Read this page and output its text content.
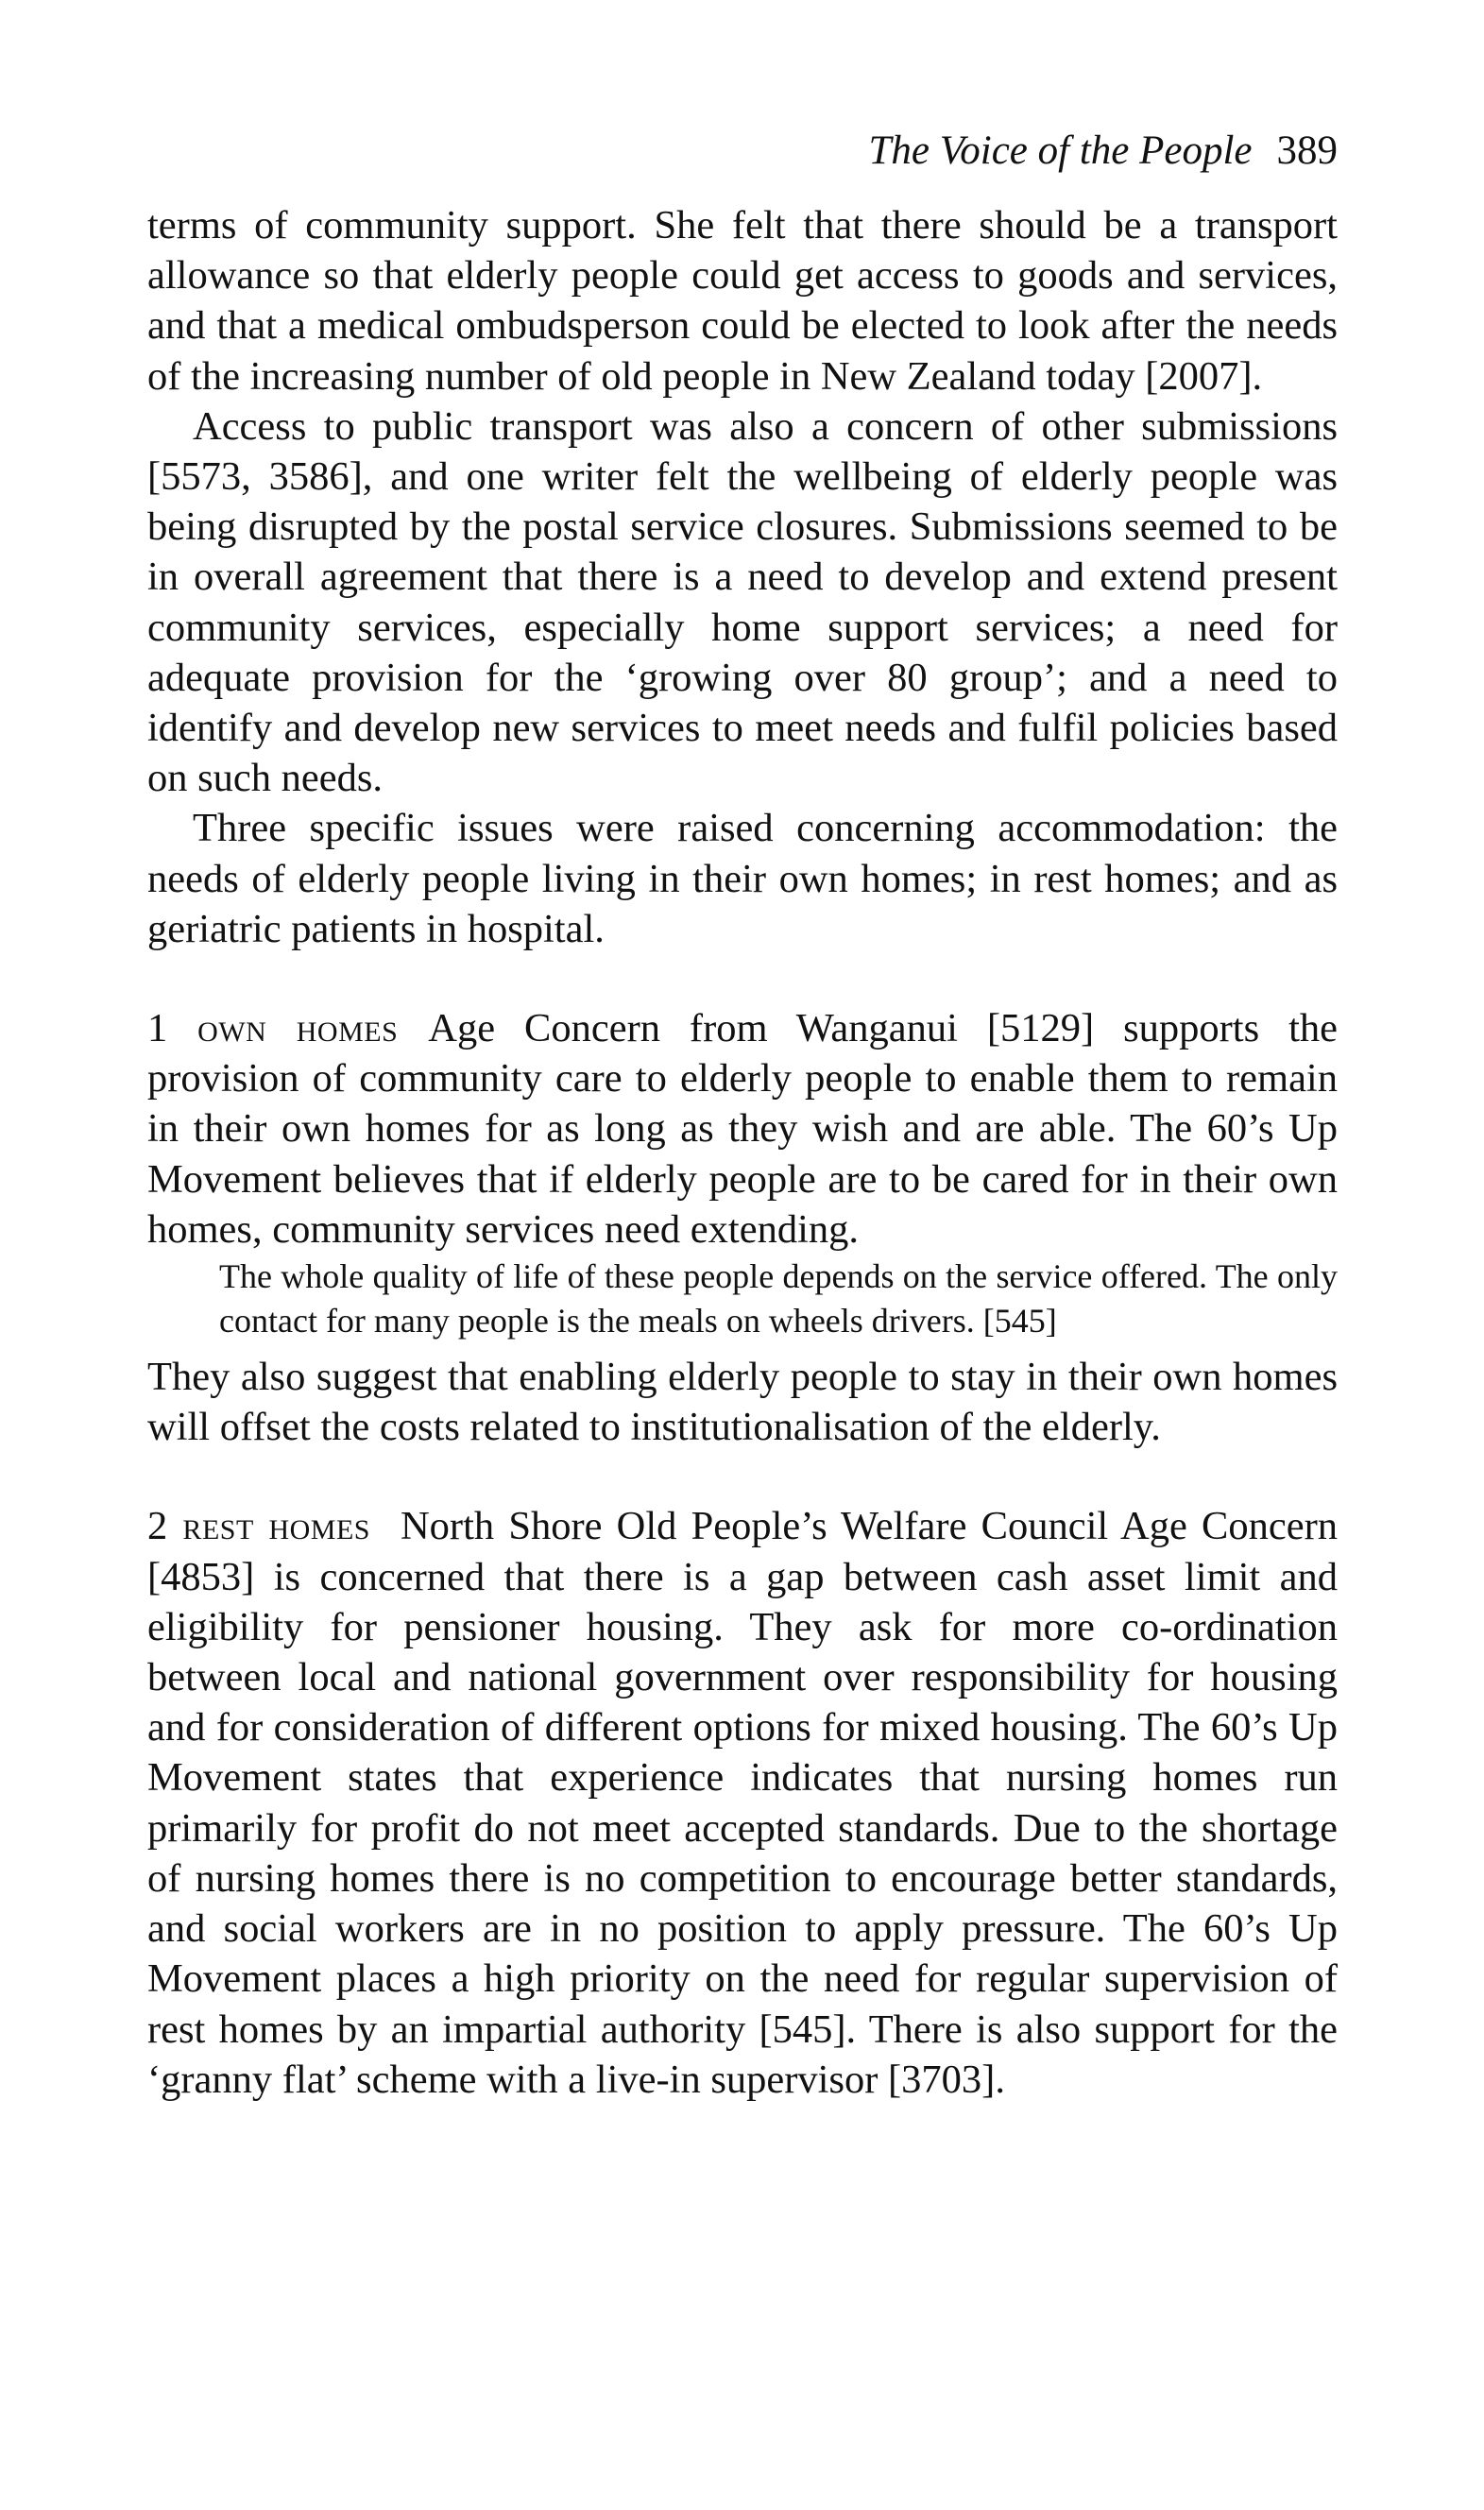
The Voice of the People 389

terms of community support. She felt that there should be a transport allowance so that elderly people could get access to goods and services, and that a medical ombudsperson could be elected to look after the needs of the increasing number of old people in New Zealand today [2007].

Access to public transport was also a concern of other submissions [5573, 3586], and one writer felt the wellbeing of elderly people was being disrupted by the postal service closures. Submissions seemed to be in overall agreement that there is a need to develop and extend present community services, especially home support services; a need for adequate provision for the ‘growing over 80 group’; and a need to identify and develop new services to meet needs and fulfil policies based on such needs.

Three specific issues were raised concerning accommodation: the needs of elderly people living in their own homes; in rest homes; and as geriatric patients in hospital.

1 own homes Age Concern from Wanganui [5129] supports the provision of community care to elderly people to enable them to remain in their own homes for as long as they wish and are able. The 60’s Up Movement believes that if elderly people are to be cared for in their own homes, community services need extending.

The whole quality of life of these people depends on the service offered. The only contact for many people is the meals on wheels drivers. [545]

They also suggest that enabling elderly people to stay in their own homes will offset the costs related to institutionalisation of the elderly.

2 rest homes North Shore Old People’s Welfare Council Age Concern [4853] is concerned that there is a gap between cash asset limit and eligibility for pensioner housing. They ask for more co-ordination between local and national government over responsibility for housing and for consideration of different options for mixed housing. The 60’s Up Movement states that experience indicates that nursing homes run primarily for profit do not meet accepted standards. Due to the shortage of nursing homes there is no competition to encourage better standards, and social workers are in no position to apply pressure. The 60’s Up Movement places a high priority on the need for regular supervision of rest homes by an impartial authority [545]. There is also support for the ‘granny flat’ scheme with a live-in supervisor [3703].
